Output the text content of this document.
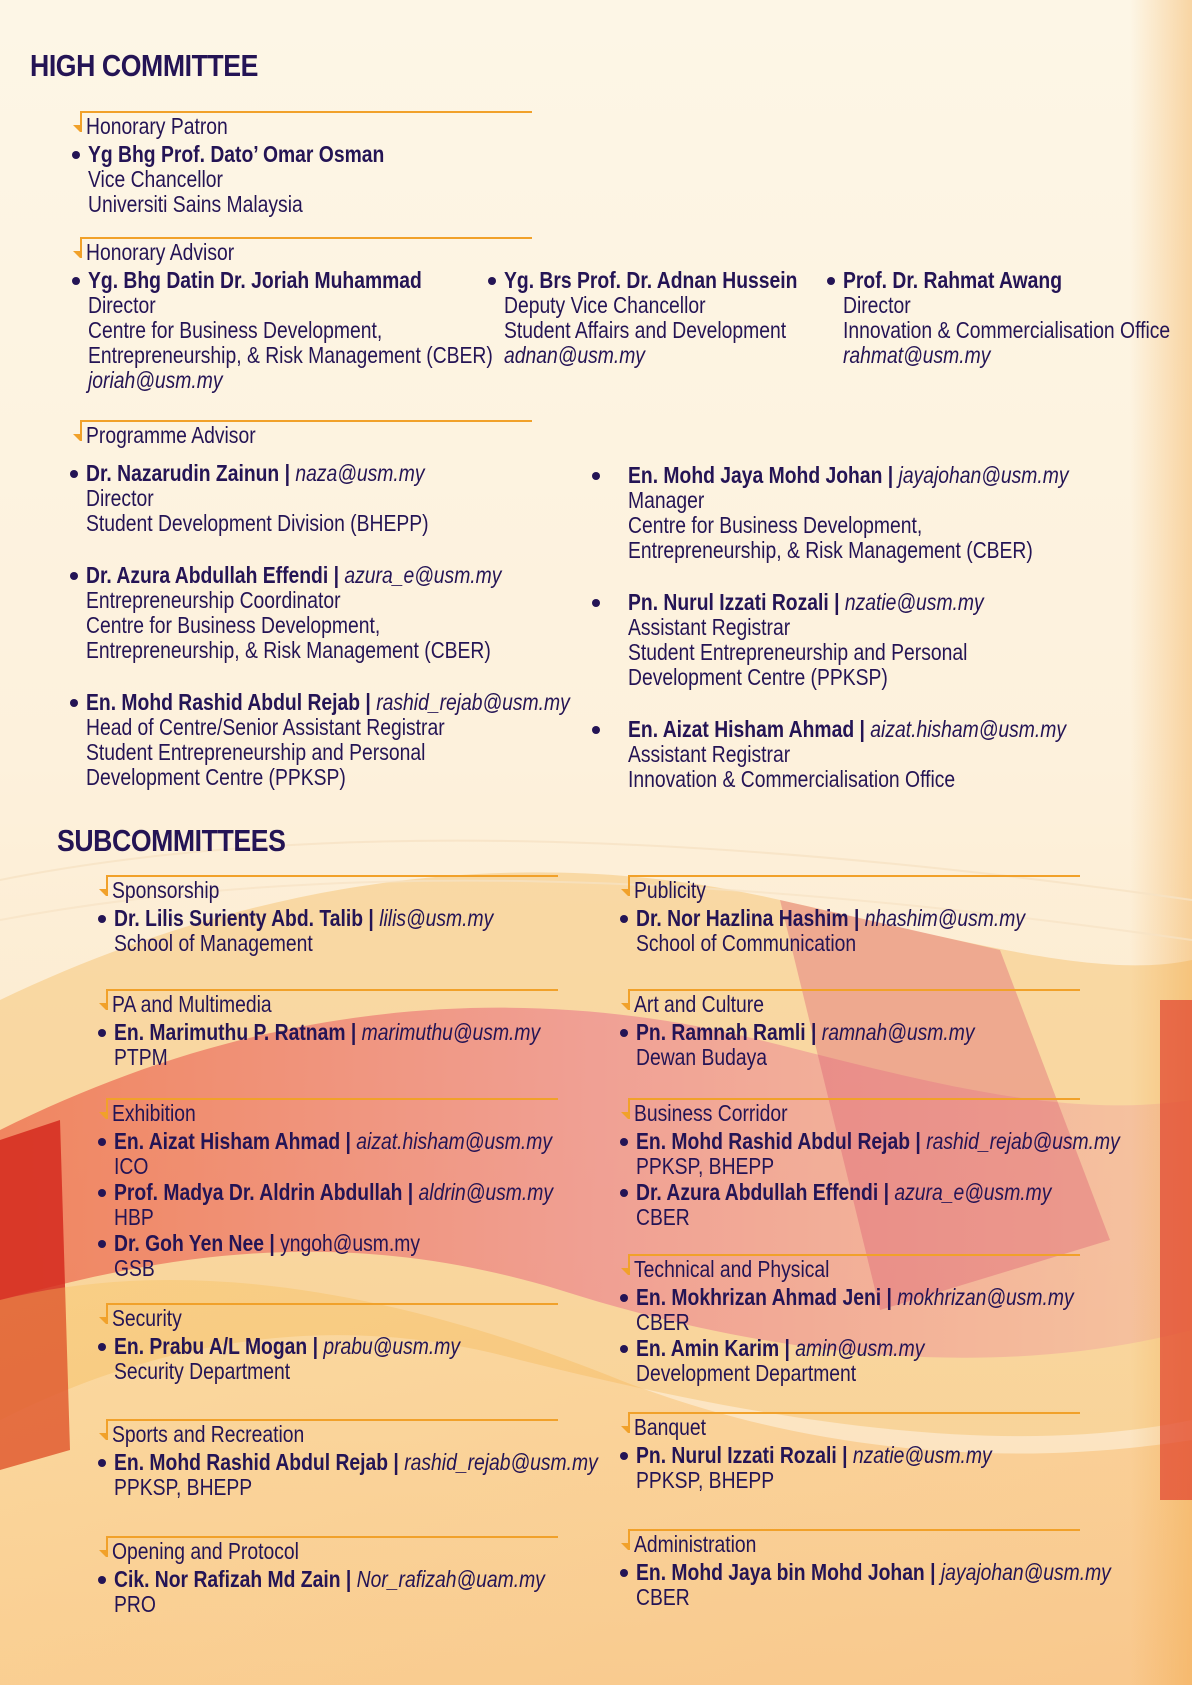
HIGH COMMITTEE
Honorary Patron
Yg Bhg Prof. Dato’ Omar Osman
Vice Chancellor
Universiti Sains Malaysia
Honorary Advisor
Yg. Bhg Datin Dr. Joriah Muhammad
Director
Centre for Business Development,
Entrepreneurship, & Risk Management (CBER)
joriah@usm.my
Yg. Brs Prof. Dr. Adnan Hussein
Deputy Vice Chancellor
Student Affairs and Development
adnan@usm.my
Prof. Dr. Rahmat Awang
Director
Innovation & Commercialisation Office
rahmat@usm.my
Programme Advisor
Dr. Nazarudin Zainun | naza@usm.my
Director
Student Development Division (BHEPP)
Dr. Azura Abdullah Effendi | azura_e@usm.my
Entrepreneurship Coordinator
Centre for Business Development,
Entrepreneurship, & Risk Management (CBER)
En. Mohd Rashid Abdul Rejab | rashid_rejab@usm.my
Head of Centre/Senior Assistant Registrar
Student Entrepreneurship and Personal
Development Centre (PPKSP)
En. Mohd Jaya Mohd Johan | jayajohan@usm.my
Manager
Centre for Business Development,
Entrepreneurship, & Risk Management (CBER)
Pn. Nurul Izzati Rozali | nzatie@usm.my
Assistant Registrar
Student Entrepreneurship and Personal
Development Centre (PPKSP)
En. Aizat Hisham Ahmad | aizat.hisham@usm.my
Assistant Registrar
Innovation & Commercialisation Office
SUBCOMMITTEES
Sponsorship
Dr. Lilis Surienty Abd. Talib | lilis@usm.my
School of Management
PA and Multimedia
En. Marimuthu P. Ratnam | marimuthu@usm.my
PTPM
Exhibition
En. Aizat Hisham Ahmad | aizat.hisham@usm.my
ICO
Prof. Madya Dr. Aldrin Abdullah | aldrin@usm.my
HBP
Dr. Goh Yen Nee | yngoh@usm.my
GSB
Security
En. Prabu A/L Mogan | prabu@usm.my
Security Department
Sports and Recreation
En. Mohd Rashid Abdul Rejab | rashid_rejab@usm.my
PPKSP, BHEPP
Opening and Protocol
Cik. Nor Rafizah Md Zain | Nor_rafizah@uam.my
PRO
Publicity
Dr. Nor Hazlina Hashim | nhashim@usm.my
School of Communication
Art and Culture
Pn. Ramnah Ramli | ramnah@usm.my
Dewan Budaya
Business Corridor
En. Mohd Rashid Abdul Rejab | rashid_rejab@usm.my
PPKSP, BHEPP
Dr. Azura Abdullah Effendi | azura_e@usm.my
CBER
Technical and Physical
En. Mokhrizan Ahmad Jeni | mokhrizan@usm.my
CBER
En. Amin Karim | amin@usm.my
Development Department
Banquet
Pn. Nurul Izzati Rozali | nzatie@usm.my
PPKSP, BHEPP
Administration
En. Mohd Jaya bin Mohd Johan | jayajohan@usm.my
CBER
